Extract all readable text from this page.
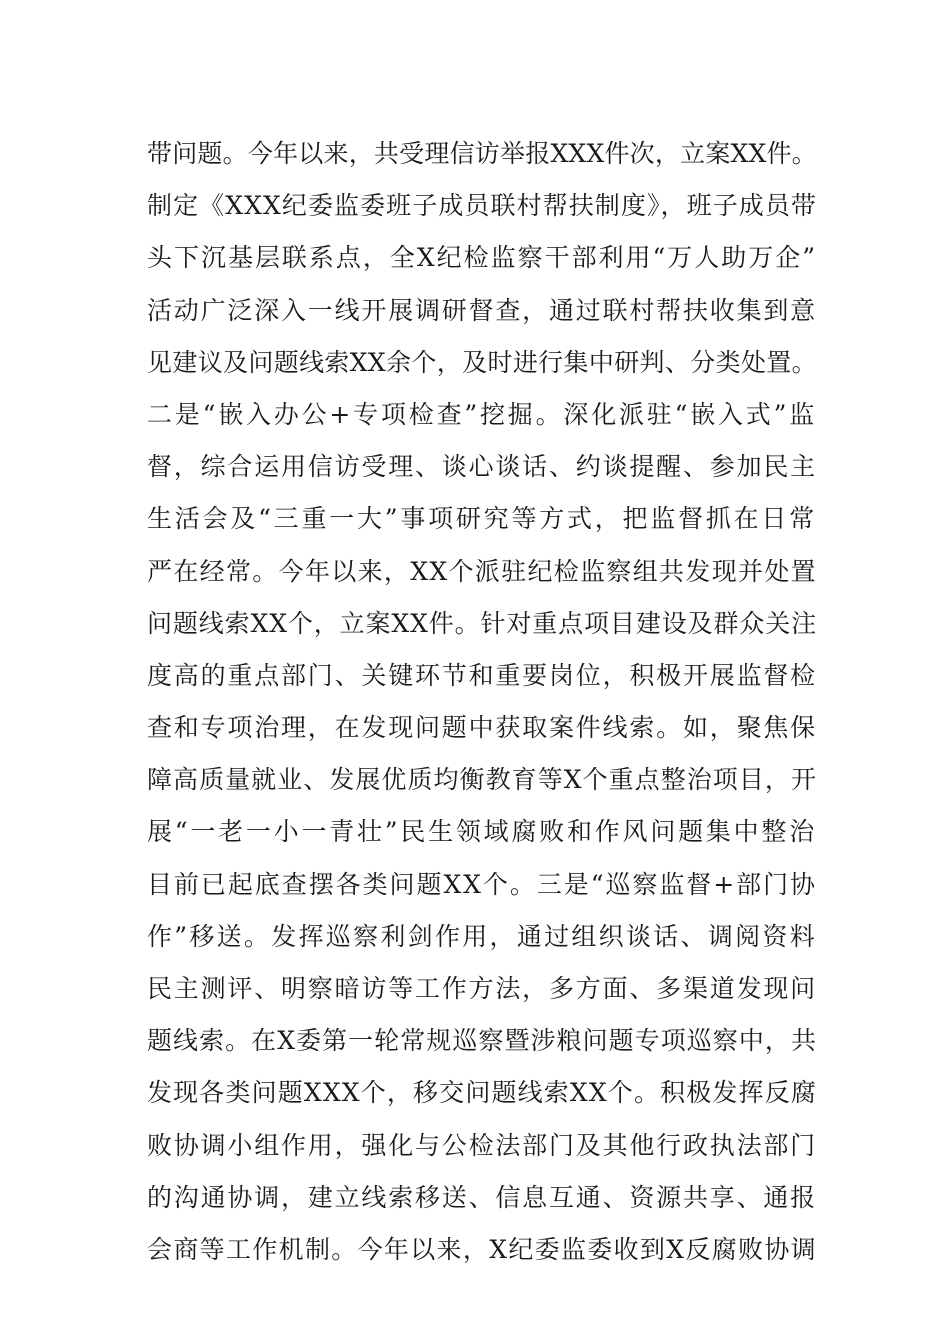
带问题。今年以来，共受理信访举报XXX件次，立案XX件。
制定《XXX纪委监委班子成员联村帮扶制度》，班子成员带
头下沉基层联系点，全X纪检监察干部利用“万人助万企”
活动广泛深入一线开展调研督查，通过联村帮扶收集到意
见建议及问题线索XX余个，及时进行集中研判、分类处置。
二是“嵌入办公+专项检查”挖掘。深化派驻“嵌入式”监
督，综合运用信访受理、谈心谈话、约谈提醒、参加民主
生活会及“三重一大”事项研究等方式，把监督抓在日常
严在经常。今年以来，XX个派驻纪检监察组共发现并处置
问题线索XX个，立案XX件。针对重点项目建设及群众关注
度高的重点部门、关键环节和重要岗位，积极开展监督检
查和专项治理，在发现问题中获取案件线索。如，聚焦保
障高质量就业、发展优质均衡教育等X个重点整治项目，开
展“一老一小一青壮”民生领域腐败和作风问题集中整治
目前已起底查摆各类问题XX个。三是“巡察监督+部门协
作”移送。发挥巡察利剑作用，通过组织谈话、调阅资料
民主测评、明察暗访等工作方法，多方面、多渠道发现问
题线索。在X委第一轮常规巡察暨涉粮问题专项巡察中，共
发现各类问题XXX个，移交问题线索XX个。积极发挥反腐
败协调小组作用，强化与公检法部门及其他行政执法部门
的沟通协调，建立线索移送、信息互通、资源共享、通报
会商等工作机制。今年以来，X纪委监委收到X反腐败协调
